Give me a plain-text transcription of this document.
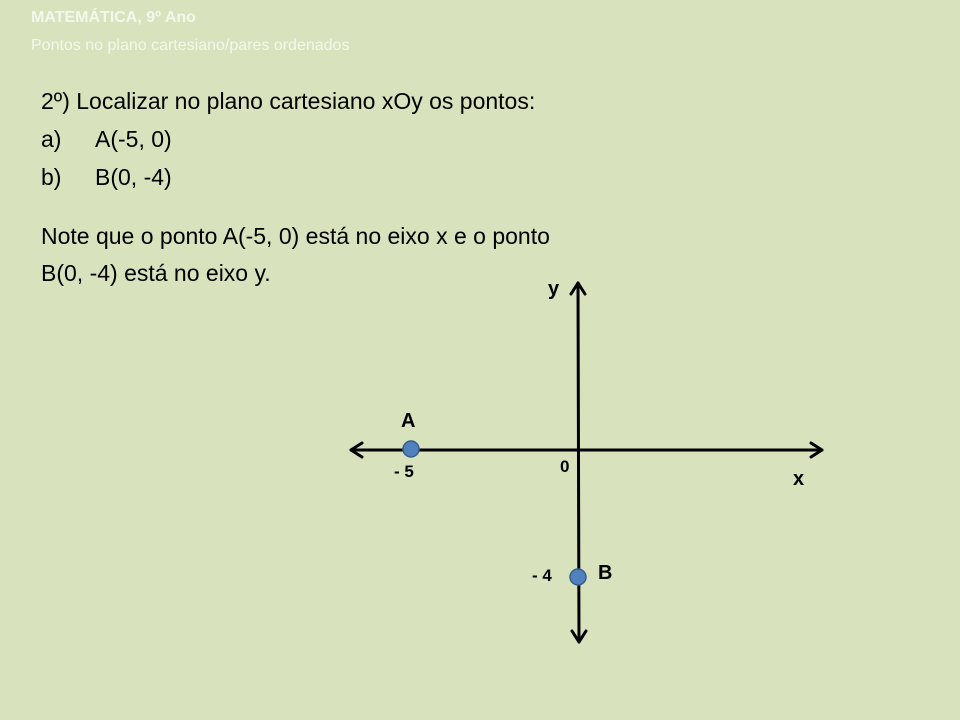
MATEMÁTICA, 9º Ano
Pontos no plano cartesiano/pares ordenados
2º) Localizar no plano cartesiano xOy os pontos:
a) A(-5, 0)
b) B(0, -4)
Note que o ponto A(-5, 0) está no eixo x e o ponto
B(0, -4) está no eixo y.
y
x
0
A
- 5
B
- 4
